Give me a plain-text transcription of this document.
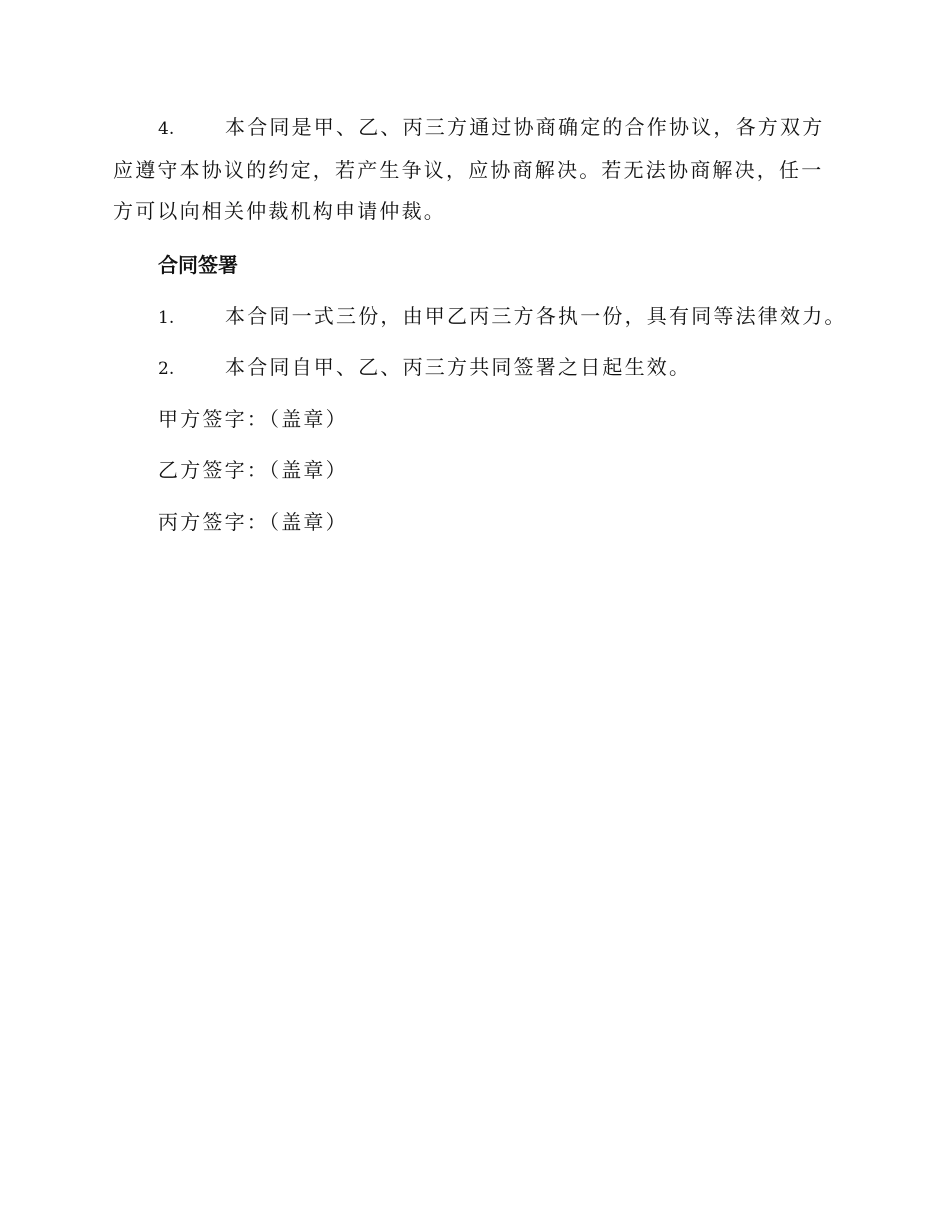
4.	本合同是甲、乙、丙三方通过协商确定的合作协议，各方双方应遵守本协议的约定，若产生争议，应协商解决。若无法协商解决，任一方可以向相关仲裁机构申请仲裁。

合同签署

1.	本合同一式三份，由甲乙丙三方各执一份，具有同等法律效力。

2.	本合同自甲、乙、丙三方共同签署之日起生效。

甲方签字：（盖章）

乙方签字：（盖章）

丙方签字：（盖章）
